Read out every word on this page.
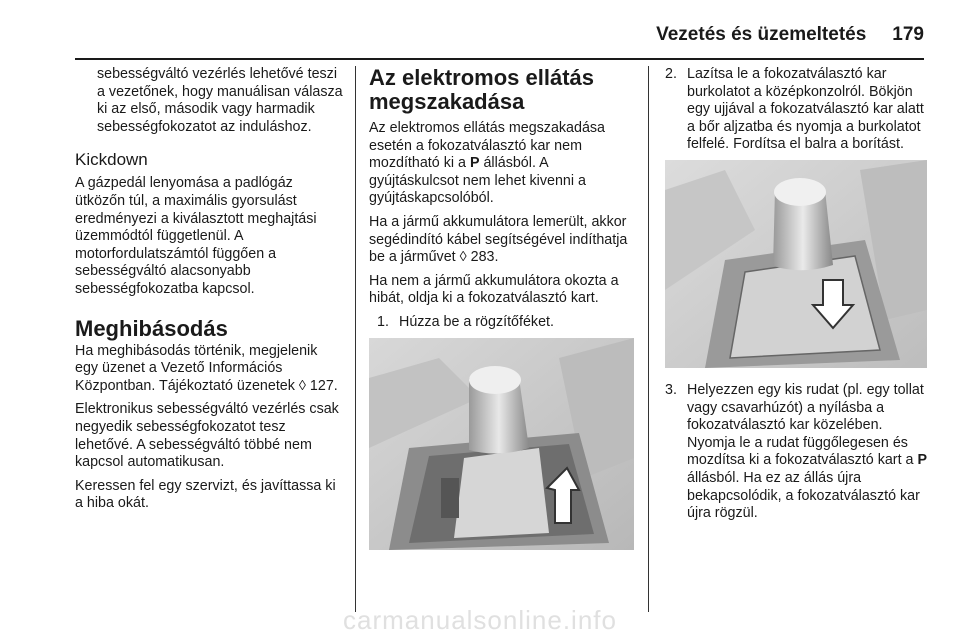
Vezetés és üzemeltetés 179

sebességváltó vezérlés lehetővé teszi a vezetőnek, hogy manuálisan válasza ki az első, második vagy harmadik sebességfokozatot az induláshoz.

Kickdown

A gázpedál lenyomása a padlógáz ütközőn túl, a maximális gyorsulást eredményezi a kiválasztott meghajtási üzemmódtól függetlenül. A motorfordulatszámtól függően a sebességváltó alacsonyabb sebességfokozatba kapcsol.

Meghibásodás

Ha meghibásodás történik, megjelenik egy üzenet a Vezető Információs Központban. Tájékoztató üzenetek ◊ 127.

Elektronikus sebességváltó vezérlés csak negyedik sebességfokozatot tesz lehetővé. A sebességváltó többé nem kapcsol automatikusan.

Keressen fel egy szervizt, és javíttassa ki a hiba okát.

Az elektromos ellátás megszakadása

Az elektromos ellátás megszakadása esetén a fokozatválasztó kar nem mozdítható ki a P állásból. A gyújtáskulcsot nem lehet kivenni a gyújtáskapcsolóból.

Ha a jármű akkumulátora lemerült, akkor segédindító kábel segítségével indíthatja be a járművet ◊ 283.

Ha nem a jármű akkumulátora okozta a hibát, oldja ki a fokozatválasztó kart.

1. Húzza be a rögzítőféket.
2. Lazítsa le a fokozatválasztó kar burkolatot a középkonzolról. Bökjön egy ujjával a fokozatválasztó kar alatt a bőr aljzatba és nyomja a burkolatot felfelé. Fordítsa el balra a borítást.
3. Helyezzen egy kis rudat (pl. egy tollat vagy csavarhúzót) a nyílásba a fokozatválasztó kar közelében. Nyomja le a rudat függőlegesen és mozdítsa ki a fokozatválasztó kart a P állásból. Ha ez az állás újra bekapcsolódik, a fokozatválasztó kar újra rögzül.
carmanualsonline.info
